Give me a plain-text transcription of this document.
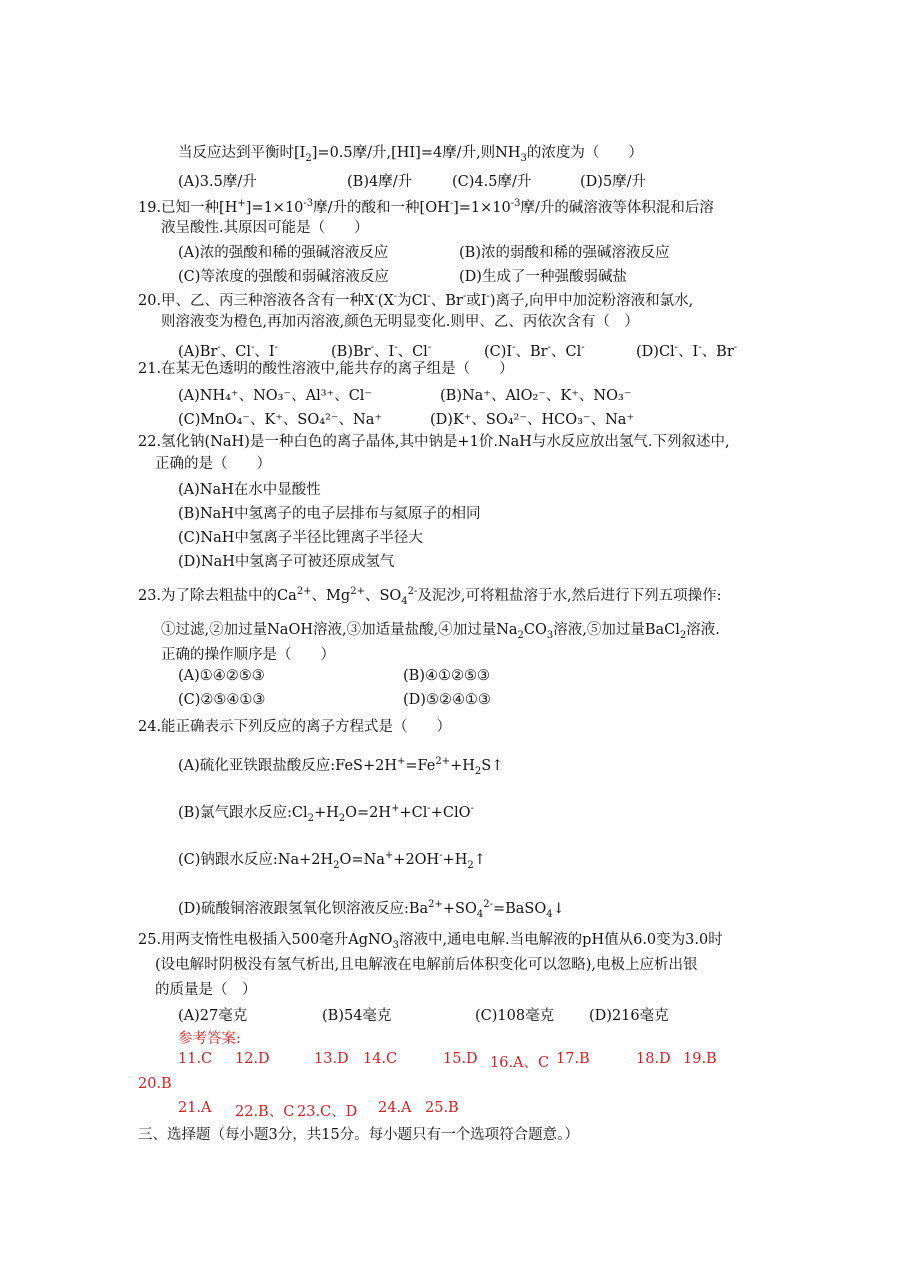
当反应达到平衡时$[I_2]=0.5$摩/升,[HI]=4摩/升,则$NH_3$的浓度为（　　）
(A)3.5摩/升	(B)4摩/升	(C)4.5摩/升	(D)5摩/升
19.已知一种$[H^+]=1\times 10^{-3}$摩/升的酸和一种$[OH^-]=1\times 10^{-3}$摩/升的碱溶液等体积混和后溶
液呈酸性.其原因可能是（　　）
(A)浓的强酸和稀的强碱溶液反应	(B)浓的弱酸和稀的强碱溶液反应
(C)等浓度的强酸和弱碱溶液反应	(D)生成了一种强酸弱碱盐
20.甲、乙、丙三种溶液各含有一种X-(X-为Cl-、Br-或I-)离子,向甲中加淀粉溶液和氯水,
则溶液变为橙色,再加丙溶液,颜色无明显变化.则甲、乙、丙依次含有（　）
(A)Br-、Cl-、I-	(B)Br-、I-、Cl-	(C)I-、Br-、Cl-	(D)Cl-、I-、Br-
21.在某无色透明的酸性溶液中,能共存的离子组是（　　）
(A)NH₄⁺、NO₃⁻、Al³⁺、Cl⁻	(B)Na⁺、AlO₂⁻、K⁺、NO₃⁻
(C)MnO₄⁻、K⁺、SO₄²⁻、Na⁺	(D)K⁺、SO₄²⁻、HCO₃⁻、Na⁺
22.氢化钠(NaH)是一种白色的离子晶体,其中钠是+1价.NaH与水反应放出氢气.下列叙述中,
正确的是（　　）
(A)NaH在水中显酸性
(B)NaH中氢离子的电子层排布与氦原子的相同
(C)NaH中氢离子半径比锂离子半径大
(D)NaH中氢离子可被还原成氢气
23.为了除去粗盐中的$Ca^{2+}$、$Mg^{2+}$、$SO_4^{2-}$及泥沙,可将粗盐溶于水,然后进行下列五项操作:
①过滤,②加过量NaOH溶液,③加适量盐酸,④加过量$Na_2CO_3$溶液,⑤加过量BaCl$_2$溶液.
正确的操作顺序是（　　）
(A)①④②⑤③	(B)④①②⑤③
(C)②⑤④①③	(D)⑤②④①③
24.能正确表示下列反应的离子方程式是（　　）
(A)硫化亚铁跟盐酸反应$:FeS+2H^+=Fe^{2+}+H_2S↑$
(B)氯气跟水反应$:Cl_2+H_2O=2H^++Cl^-+ClO^-$
(C)钠跟水反应$:Na+2H_2O=Na^++2OH^-+H_2↑$
(D)硫酸铜溶液跟氢氧化钡溶液反应$:Ba^{2+}+SO_4^{2-}=BaSO_4↓$
25.用两支惰性电极插入500毫升AgNO$_3$溶液中,通电电解.当电解液的pH值从6.0变为3.0时
(设电解时阴极没有氢气析出,且电解液在电解前后体积变化可以忽略),电极上应析出银
的质量是（　）
(A)27毫克	(B)54毫克	(C)108毫克 (D)216毫克
参考答案:
11.C 12.D	13.D 14.C	15.D 16.A、C 17.B	18.D 19.B
20.B
21.A 22.B、C 23.C、D 24.A 25.B
三、选择题（每小题3分，共15分。每小题只有一个选项符合题意。）
